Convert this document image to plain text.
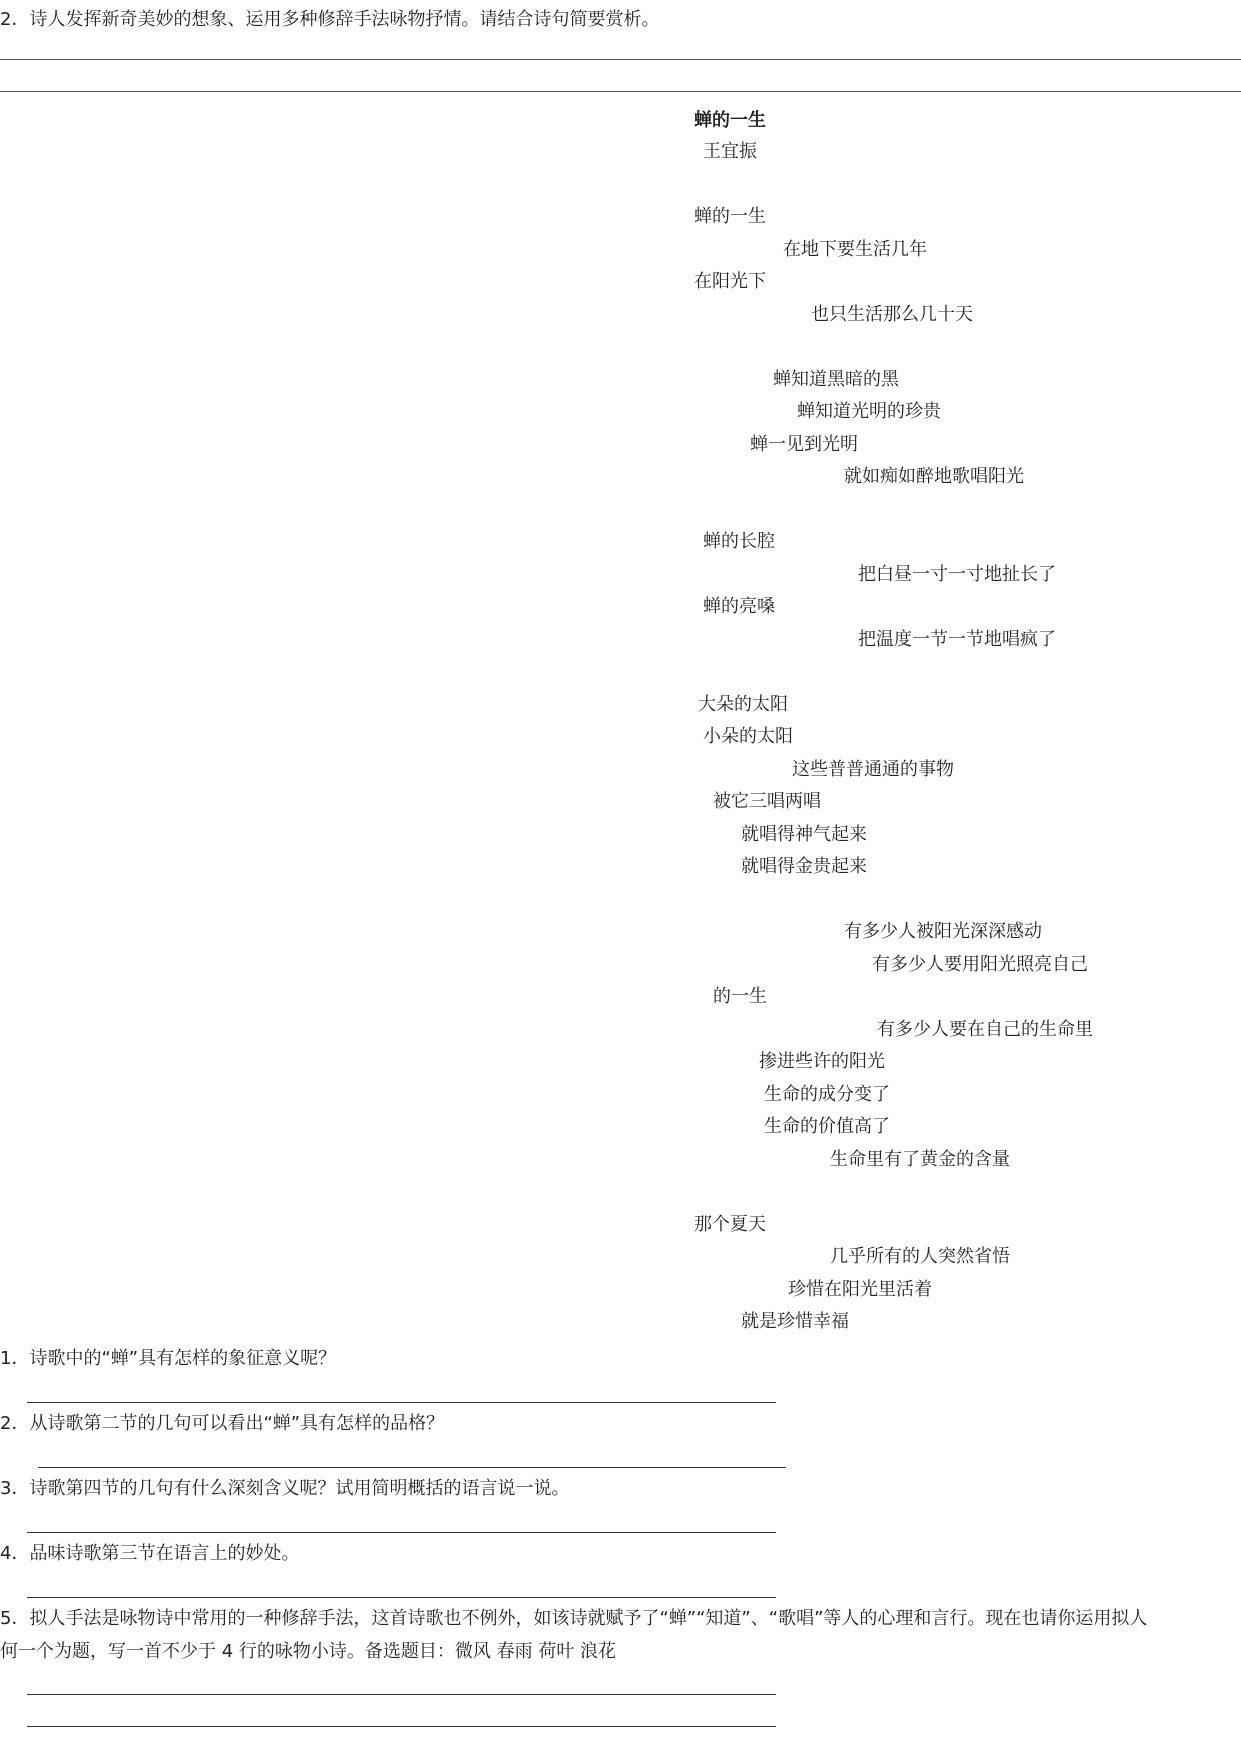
2．诗人发挥新奇美妙的想象、运用多种修辞手法咏物抒情。请结合诗句简要赏析。
蝉的一生
王宜振
蝉的一生
在地下要生活几年
在阳光下
也只生活那么几十天
蝉知道黑暗的黑
蝉知道光明的珍贵
蝉一见到光明
就如痴如醉地歌唱阳光
蝉的长腔
把白昼一寸一寸地扯长了
蝉的亮嗓
把温度一节一节地唱疯了
大朵的太阳
小朵的太阳
这些普普通通的事物
被它三唱两唱
就唱得神气起来
就唱得金贵起来
有多少人被阳光深深感动
有多少人要用阳光照亮自己
的一生
有多少人要在自己的生命里
掺进些许的阳光
生命的成分变了
生命的价值高了
生命里有了黄金的含量
那个夏天
几乎所有的人突然省悟
珍惜在阳光里活着
就是珍惜幸福
1．诗歌中的“蝉”具有怎样的象征意义呢？
2．从诗歌第二节的几句可以看出“蝉”具有怎样的品格？
3．诗歌第四节的几句有什么深刻含义呢？试用简明概括的语言说一说。
4．品味诗歌第三节在语言上的妙处。
5．拟人手法是咏物诗中常用的一种修辞手法，这首诗歌也不例外，如该诗就赋予了“蝉”“知道”、“歌唱”等人的心理和言行。现在也请你运用拟人
何一个为题，写一首不少于 4 行的咏物小诗。备选题目：微风 春雨 荷叶 浪花
